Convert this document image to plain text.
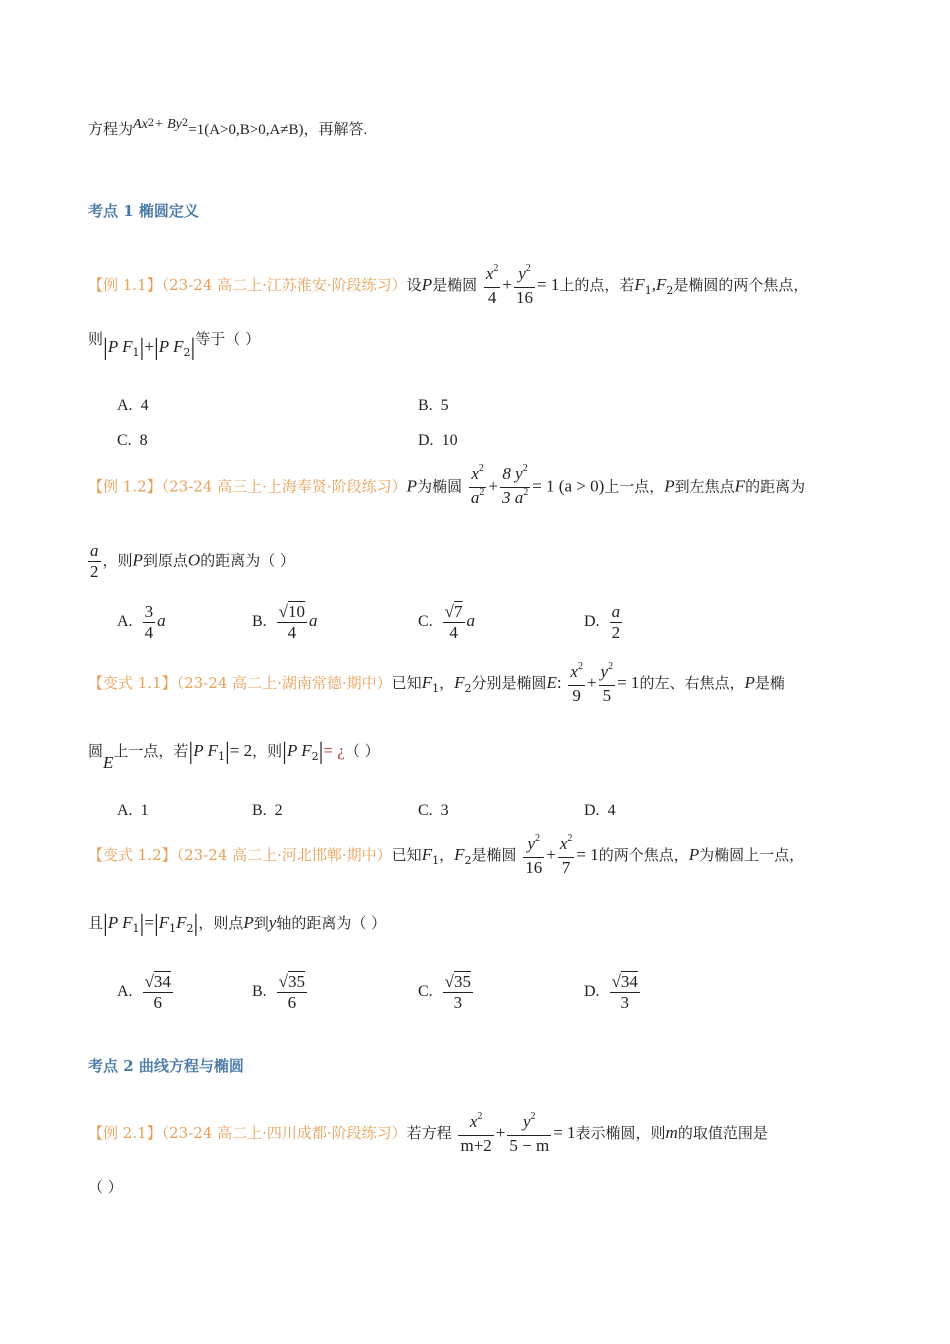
方程为$Ax^2+ By^2=1(A>0,B>0,A\ne B)$，再解答.
考点 1 椭圆定义
【例 1.1】（23-24 高二上·江苏淮安·阶段练习）设P是椭圆 $\frac{x^2}{4} + \frac{y^2}{16} = 1$上的点，若$F_1,F_2$是椭圆的两个焦点，
则|P $F_1|+|P$ $F_2|$等于（ ）
A. 4	B. 5
C. 8	D. 10
【例 1.2】（23-24 高三上·上海奉贤·阶段练习）P为椭圆 $\frac{x^2}{a^2} + \frac{8 y^2}{3 a^2} = 1$ (a > 0)上一点，P到左焦点F的距离为
$\frac{a}{2}$ ，则P到原点O的距离为（ ）
A. $\frac{3}{4}$ a	B. $\frac{√10}{4}$ a	C. $\frac{√7}{4}$ a	D. $\frac{a}{2}$
【变式 1.1】（23-24 高二上·湖南常德·期中）已知$F_1$，$F_2$分别是椭圆E: $\frac{x^2}{9} + \frac{y^2}{5} = 1$的左、右焦点，P是椭
圆E上一点，若|P $F_1|= 2$，则|P $F_2|=$ ¿（ ）
A. 1	B. 2	C. 3	D. 4
【变式 1.2】（23-24 高二上·河北邯郸·期中）已知$F_1$，$F_2$是椭圆 $\frac{y^2}{16} + \frac{x^2}{7} = 1$的两个焦点，P为椭圆上一点，
且|P $F_1|=|F_1F_2|$，则点P到y轴的距离为（ ）
A. $\frac{√34}{6}$	B. $\frac{√35}{6}$	C. $\frac{√35}{3}$	D. $\frac{√34}{3}$
考点 2 曲线方程与椭圆
【例 2.1】（23-24 高二上·四川成都·阶段练习）若方程 $\frac{x^2}{m+2} + \frac{y^2}{5 - m} = 1$表示椭圆，则m的取值范围是
（ ）
